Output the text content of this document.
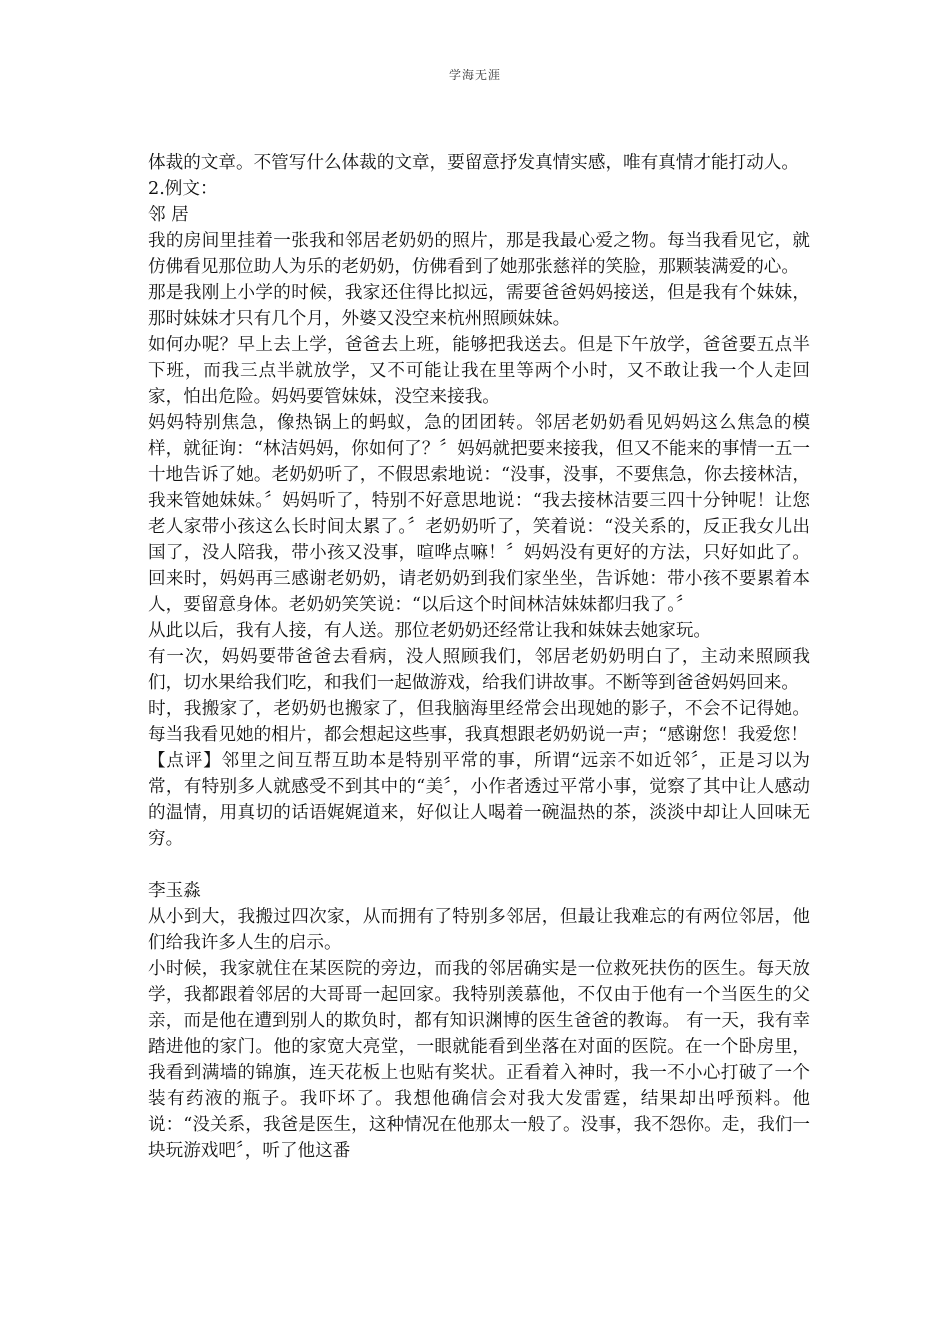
学海无涯

体裁的文章。不管写什么体裁的文章，要留意抒发真情实感，唯有真情才能打动人。

2.例文：

邻 居

我的房间里挂着一张我和邻居老奶奶的照片，那是我最心爱之物。每当我看见它，就仿佛看见那位助人为乐的老奶奶，仿佛看到了她那张慈祥的笑脸，那颗装满爱的心。

那是我刚上小学的时候，我家还住得比拟远，需要爸爸妈妈接送，但是我有个妹妹，那时妹妹才只有几个月，外婆又没空来杭州照顾妹妹。

如何办呢？早上去上学，爸爸去上班，能够把我送去。但是下午放学，爸爸要五点半下班，而我三点半就放学，又不可能让我在里等两个小时，又不敢让我一个人走回家，怕出危险。妈妈要管妹妹，没空来接我。

妈妈特别焦急，像热锅上的蚂蚁，急的团团转。邻居老奶奶看见妈妈这么焦急的模样，就征询：“林洁妈妈，你如何了？〞妈妈就把要来接我，但又不能来的事情一五一十地告诉了她。老奶奶听了，不假思索地说：“没事，没事，不要焦急，你去接林洁，我来管她妹妹。〞妈妈听了，特别不好意思地说：“我去接林洁要三四十分钟呢！让您老人家带小孩这么长时间太累了。〞老奶奶听了，笑着说：“没关系的，反正我女儿出国了，没人陪我，带小孩又没事，喧哗点嘛！〞妈妈没有更好的方法，只好如此了。回来时，妈妈再三感谢老奶奶，请老奶奶到我们家坐坐，告诉她：带小孩不要累着本人，要留意身体。老奶奶笑笑说：“以后这个时间林洁妹妹都归我了。〞

从此以后，我有人接，有人送。那位老奶奶还经常让我和妹妹去她家玩。

有一次，妈妈要带爸爸去看病，没人照顾我们，邻居老奶奶明白了，主动来照顾我们，切水果给我们吃，和我们一起做游戏，给我们讲故事。不断等到爸爸妈妈回来。

时，我搬家了，老奶奶也搬家了，但我脑海里经常会出现她的影子，不会不记得她。每当我看见她的相片，都会想起这些事，我真想跟老奶奶说一声；“感谢您！我爱您！

【点评】邻里之间互帮互助本是特别平常的事，所谓“远亲不如近邻〞，正是习以为常，有特别多人就感受不到其中的“美〞，小作者透过平常小事，觉察了其中让人感动的温情，用真切的话语娓娓道来，好似让人喝着一碗温热的茶，淡淡中却让人回味无穷。

李玉淼

从小到大，我搬过四次家，从而拥有了特别多邻居，但最让我难忘的有两位邻居，他们给我许多人生的启示。

小时候，我家就住在某医院的旁边，而我的邻居确实是一位救死扶伤的医生。每天放学，我都跟着邻居的大哥哥一起回家。我特别羡慕他，不仅由于他有一个当医生的父亲，而是他在遭到别人的欺负时，都有知识渊博的医生爸爸的教诲。 有一天，我有幸踏进他的家门。他的家宽大亮堂，一眼就能看到坐落在对面的医院。在一个卧房里，我看到满墙的锦旗，连天花板上也贴有奖状。正看着入神时，我一不小心打破了一个装有药液的瓶子。我吓坏了。我想他确信会对我大发雷霆，结果却出呼预料。他说：“没关系，我爸是医生，这种情况在他那太一般了。没事，我不怨你。走，我们一块玩游戏吧〞，听了他这番
